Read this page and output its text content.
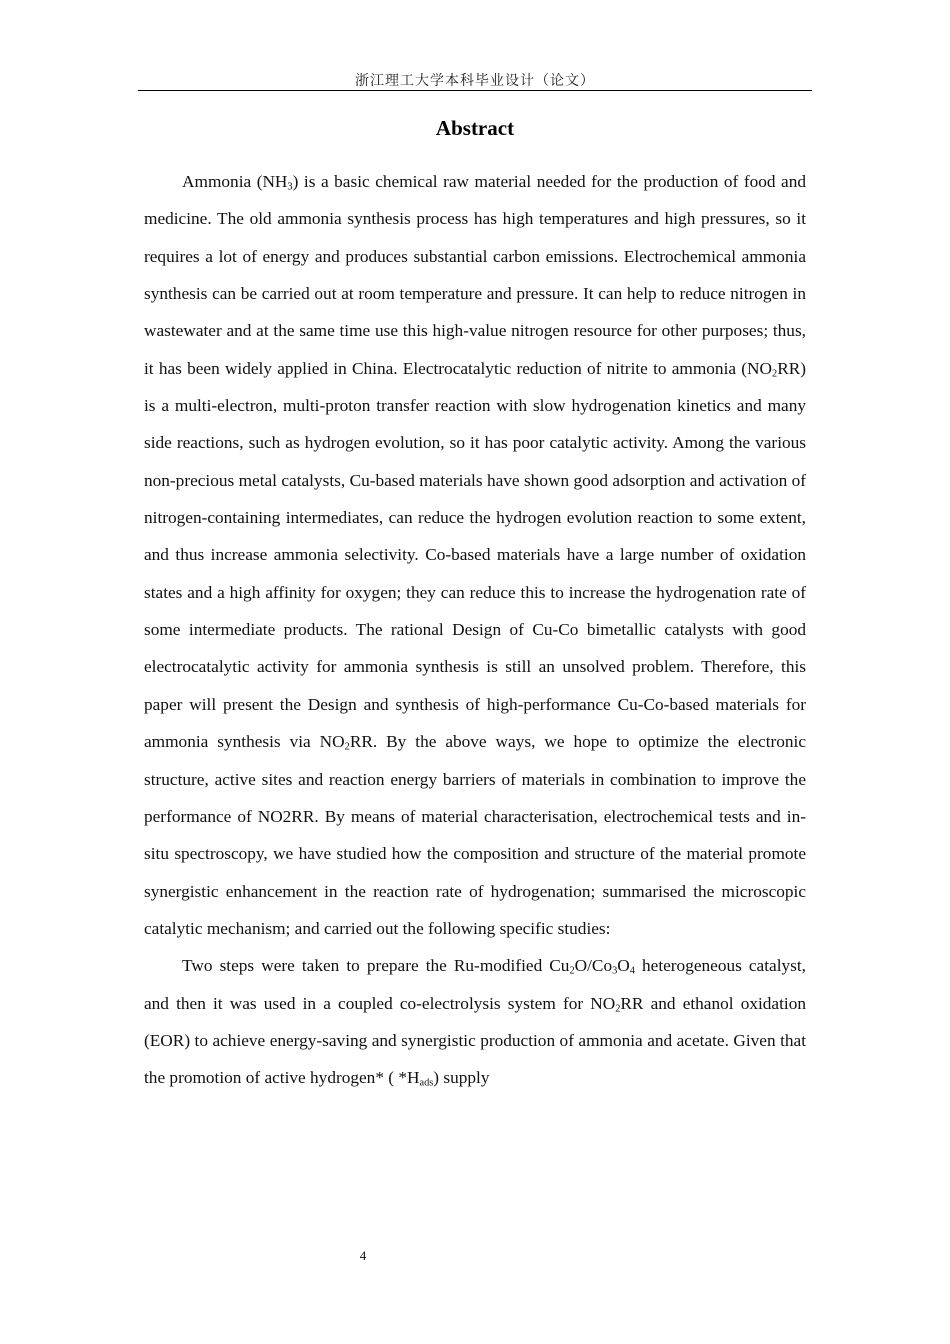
浙江理工大学本科毕业设计（论文）
Abstract

Ammonia $(NH_3)$ is a basic chemical raw material needed for the production of food and medicine. The old ammonia synthesis process has high temperatures and high pressures, so it requires a lot of energy and produces substantial carbon emissions. Electrochemical ammonia synthesis can be carried out at room temperature and pressure. It can help to reduce nitrogen in wastewater and at the same time use this high-value nitrogen resource for other purposes; thus, it has been widely applied in China. Electrocatalytic reduction of nitrite to ammonia $(NO_2RR)$ is a multi-electron, multi-proton transfer reaction with slow hydrogenation kinetics and many side reactions, such as hydrogen evolution, so it has poor catalytic activity. Among the various non-precious metal catalysts, Cu-based materials have shown good adsorption and activation of nitrogen-containing intermediates, can reduce the hydrogen evolution reaction to some extent, and thus increase ammonia selectivity. Co-based materials have a large number of oxidation states and a high affinity for oxygen; they can reduce this to increase the hydrogenation rate of some intermediate products. The rational Design of Cu-Co bimetallic catalysts with good electrocatalytic activity for ammonia synthesis is still an unsolved problem. Therefore, this paper will present the Design and synthesis of high-performance Cu-Co-based materials for ammonia synthesis via $NO_2RR$. By the above ways, we hope to optimize the electronic structure, active sites and reaction energy barriers of materials in combination to improve the performance of NO2RR. By means of material characterisation, electrochemical tests and in-situ spectroscopy, we have studied how the composition and structure of the material promote synergistic enhancement in the reaction rate of hydrogenation; summarised the microscopic catalytic mechanism; and carried out the following specific studies:

Two steps were taken to prepare the Ru-modified $Cu_2O/Co_3O_4$ heterogeneous catalyst, and then it was used in a coupled co-electrolysis system for $NO_2RR$ and ethanol oxidation (EOR) to achieve energy-saving and synergistic production of ammonia and acetate. Given that the promotion of active hydrogen* ( $*H_{ads}$) supply

4
